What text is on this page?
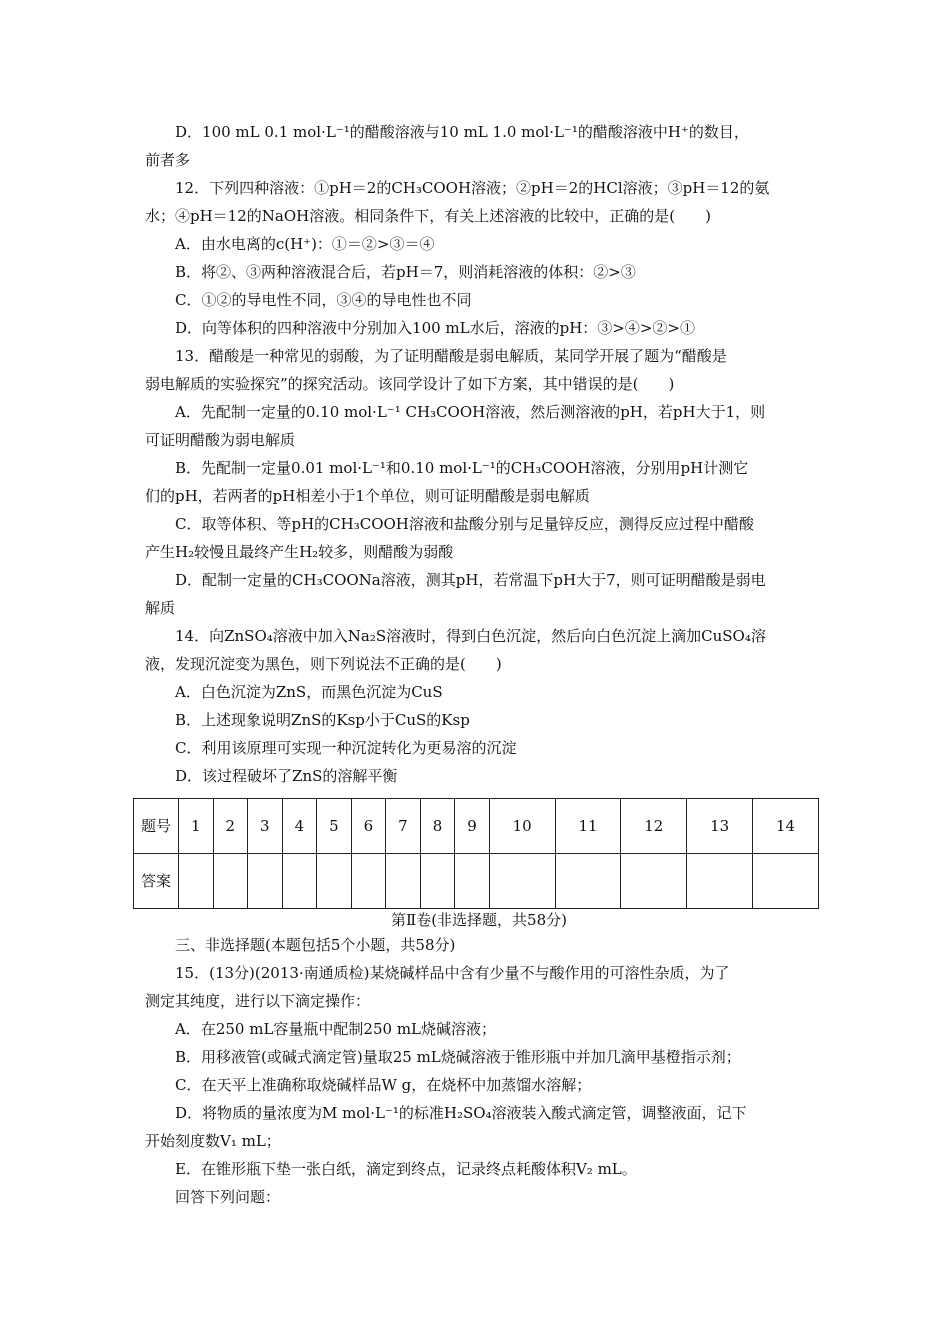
D．100 mL 0.1 mol·L⁻¹的醋酸溶液与10 mL 1.0 mol·L⁻¹的醋酸溶液中H⁺的数目，
前者多
12．下列四种溶液：①pH＝2的CH₃COOH溶液；②pH＝2的HCl溶液；③pH＝12的氨
水；④pH＝12的NaOH溶液。相同条件下，有关上述溶液的比较中，正确的是(　　)
A．由水电离的c(H⁺)：①＝②>③＝④
B．将②、③两种溶液混合后，若pH＝7，则消耗溶液的体积：②>③
C．①②的导电性不同，③④的导电性也不同
D．向等体积的四种溶液中分别加入100 mL水后，溶液的pH：③>④>②>①
13．醋酸是一种常见的弱酸，为了证明醋酸是弱电解质，某同学开展了题为“醋酸是
弱电解质的实验探究”的探究活动。该同学设计了如下方案，其中错误的是(　　)
A．先配制一定量的0.10 mol·L⁻¹ CH₃COOH溶液，然后测溶液的pH，若pH大于1，则
可证明醋酸为弱电解质
B．先配制一定量0.01 mol·L⁻¹和0.10 mol·L⁻¹的CH₃COOH溶液，分别用pH计测它
们的pH，若两者的pH相差小于1个单位，则可证明醋酸是弱电解质
C．取等体积、等pH的CH₃COOH溶液和盐酸分别与足量锌反应，测得反应过程中醋酸
产生H₂较慢且最终产生H₂较多，则醋酸为弱酸
D．配制一定量的CH₃COONa溶液，测其pH，若常温下pH大于7，则可证明醋酸是弱电
解质
14．向ZnSO₄溶液中加入Na₂S溶液时，得到白色沉淀，然后向白色沉淀上滴加CuSO₄溶
液，发现沉淀变为黑色，则下列说法不正确的是(　　)
A．白色沉淀为ZnS，而黑色沉淀为CuS
B．上述现象说明ZnS的Ksp小于CuS的Ksp
C．利用该原理可实现一种沉淀转化为更易溶的沉淀
D．该过程破坏了ZnS的溶解平衡
题号	1	2	3	4	5	6	7	8	9	10	11	12	13	14
答案														
第Ⅱ卷(非选择题，共58分)
三、非选择题(本题包括5个小题，共58分)
15．(13分)(2013·南通质检)某烧碱样品中含有少量不与酸作用的可溶性杂质，为了
测定其纯度，进行以下滴定操作：
A．在250 mL容量瓶中配制250 mL烧碱溶液；
B．用移液管(或碱式滴定管)量取25 mL烧碱溶液于锥形瓶中并加几滴甲基橙指示剂；
C．在天平上准确称取烧碱样品W g，在烧杯中加蒸馏水溶解；
D．将物质的量浓度为M mol·L⁻¹的标准H₂SO₄溶液装入酸式滴定管，调整液面，记下
开始刻度数V₁ mL；
E．在锥形瓶下垫一张白纸，滴定到终点，记录终点耗酸体积V₂ mL。
回答下列问题：
